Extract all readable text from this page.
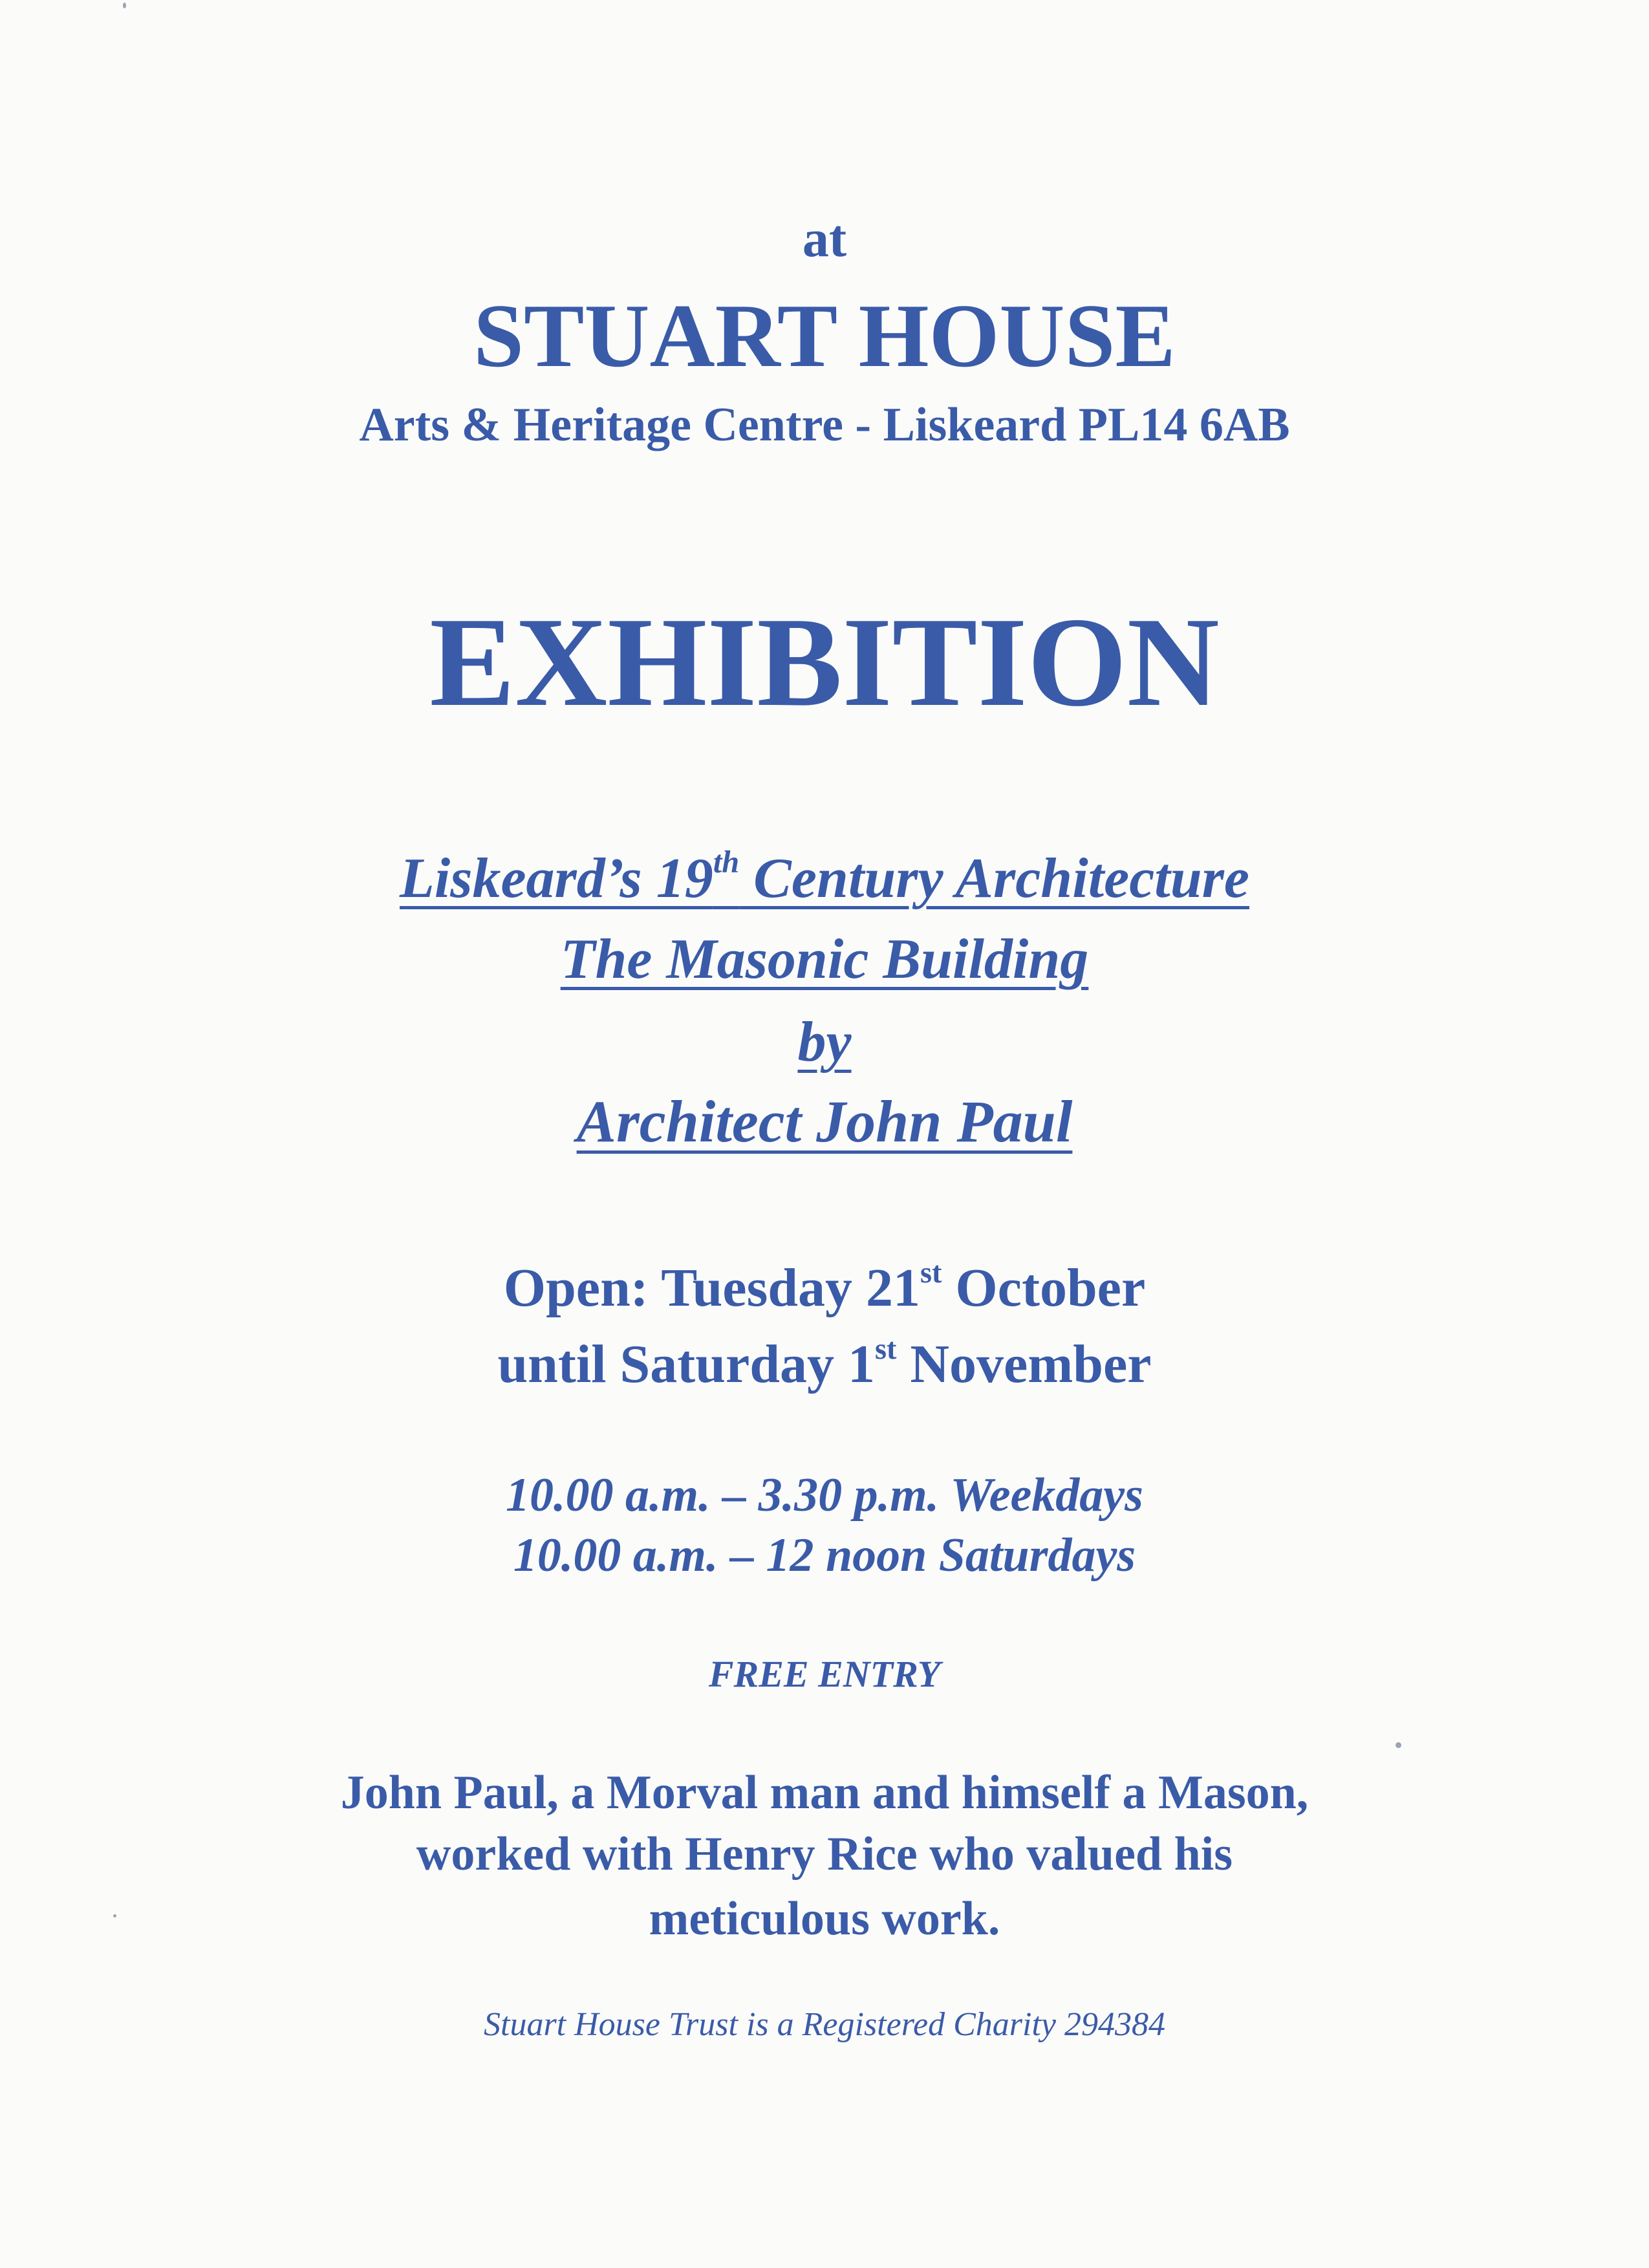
at
STUART HOUSE
Arts & Heritage Centre - Liskeard PL14 6AB
EXHIBITION
Liskeard’s 19th Century Architecture
The Masonic Building
by
Architect John Paul
Open: Tuesday 21st October
until Saturday 1st November
10.00 a.m. – 3.30 p.m. Weekdays
10.00 a.m. – 12 noon Saturdays
FREE ENTRY
John Paul, a Morval man and himself a Mason,
worked with Henry Rice who valued his
meticulous work.
Stuart House Trust is a Registered Charity 294384
